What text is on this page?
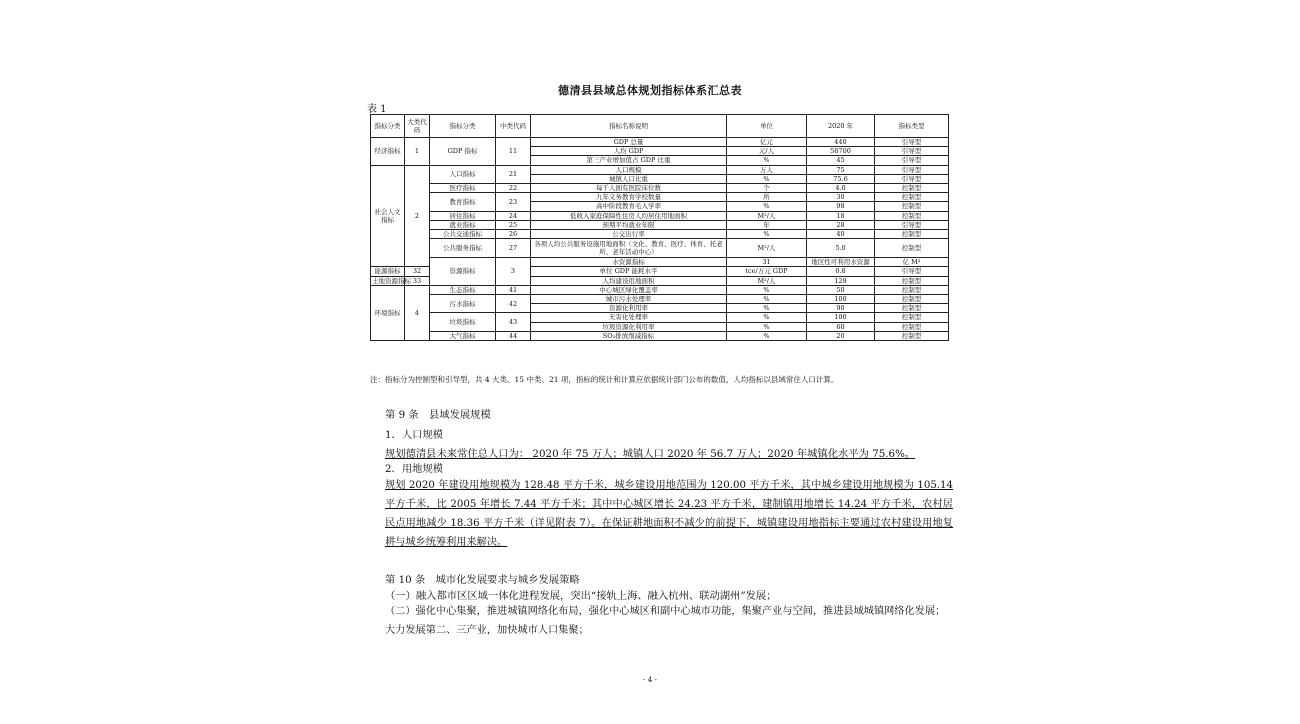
德清县县域总体规划指标体系汇总表
表 1
指标分类	大类代码	指标分类	中类代码	指标名称说明	单位	2020 年	指标类型	
经济指标	1	GDP 指标	11	GDP 总量	亿元	440	引导型	
				人均 GDP	元/人	58700	引导型	
				第三产业增加值占 GDP 比重	%	45	引导型	
社会人文指标	2	人口指标	21	人口规模	万人	75	引导型	
				城镇人口比重	%	75.6	引导型	
		医疗指标	22	每千人拥有医院床位数	个	4.0	控制型	
		教育指标	23	九年义务教育学校数量	所	30	控制型	
				高中阶段教育毛入学率	%	98	控制型	
		居住指标	24	低收入家庭保障性住房人均居住用地面积	M²/人	18	控制型	
		就业指标	25	预期平均就业年限	年	28	引导型	
		公共交通指标	26	公交出行率	%	40	控制型	
		公共服务指标	27	各项人均公共服务设施用地面积（文化、教育、医疗、体育、托老所、老年活动中心）	M²/人	5.0	控制型	
		资源指标	3	水资源指标	31	地区性可利用水资源	亿 M³		
能源指标	32			单位 GDP 能耗水平	tce/万元 GDP	0.8	引导型	
土地资源指标	33			人均建设用地面积	M²/人	129	控制型	
环境指标	4	生态指标	41	中心城区绿化覆盖率	%	50	控制型	
		污水指标	42	城市污水处理率	%	100	控制型	
				资源化利用率	%	90	控制型	
		垃圾指标	43	无害化处理率	%	100	控制型	
				垃圾资源化利用率	%	60	控制型	
		大气指标	44	SO₂排放削减指标	%	20	控制型	
注：指标分为控制型和引导型，共 4 大类、15 中类、21 项，指标的统计和计算应依据统计部门公布的数值，人均指标以县域常住人口计算。
第 9 条　县域发展规模
1．人口规模
规划德清县未来常住总人口为： 2020 年 75 万人；城镇人口 2020 年 56.7 万人；2020 年城镇化水平为 75.6%。
2．用地规模
规划 2020 年建设用地规模为 128.48 平方千米，城乡建设用地范围为 120.00 平方千米，其中城乡建设用地规模为 105.14 平方千米，比 2005 年增长 7.44 平方千米；其中中心城区增长 24.23 平方千米，建制镇用地增长 14.24 平方千米，农村居民点用地减少 18.36 平方千米（详见附表 7）。在保证耕地面积不减少的前提下，城镇建设用地指标主要通过农村建设用地复耕与城乡统筹利用来解决。
第 10 条　城市化发展要求与城乡发展策略
（一）融入都市区区域一体化进程发展，突出“接轨上海、融入杭州、联动湖州”发展；
（二）强化中心集聚，推进城镇网络化布局，强化中心城区和副中心城市功能，集聚产业与空间，推进县域城镇网络化发展；大力发展第二、三产业，加快城市人口集聚；
- 4 -
